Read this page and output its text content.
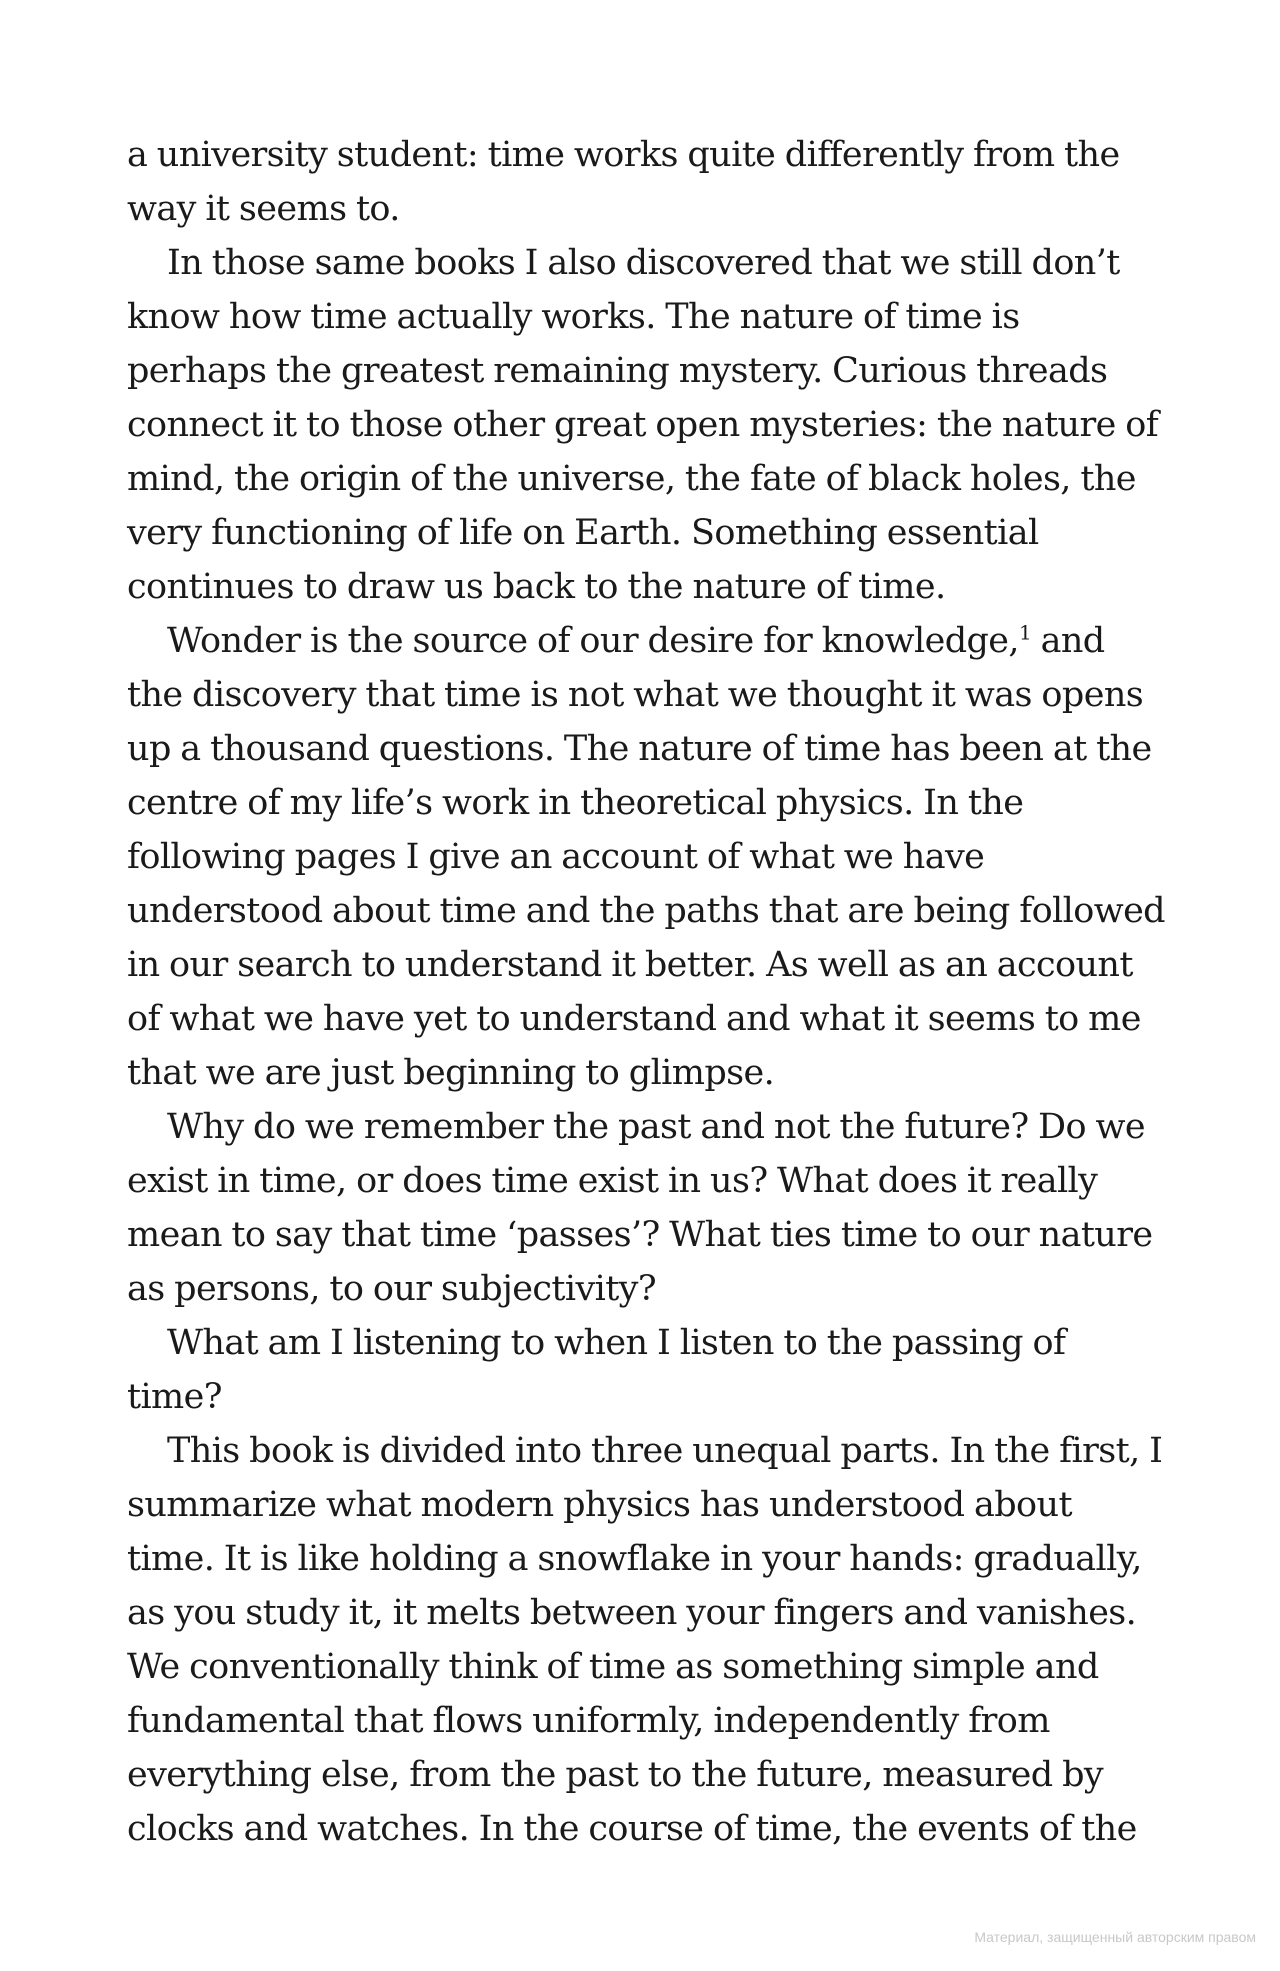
a university student: time works quite differently from the way it seems to.

In those same books I also discovered that we still don’t know how time actually works. The nature of time is perhaps the greatest remaining mystery. Curious threads connect it to those other great open mysteries: the nature of mind, the origin of the universe, the fate of black holes, the very functioning of life on Earth. Something essential continues to draw us back to the nature of time.

Wonder is the source of our desire for knowledge,$^1$ and the discovery that time is not what we thought it was opens up a thousand questions. The nature of time has been at the centre of my life’s work in theoretical physics. In the following pages I give an account of what we have understood about time and the paths that are being followed in our search to understand it better. As well as an account of what we have yet to understand and what it seems to me that we are just beginning to glimpse.

Why do we remember the past and not the future? Do we exist in time, or does time exist in us? What does it really mean to say that time ‘passes’? What ties time to our nature as persons, to our subjectivity?

What am I listening to when I listen to the passing of time?

This book is divided into three unequal parts. In the first, I summarize what modern physics has understood about time. It is like holding a snowflake in your hands: gradually, as you study it, it melts between your fingers and vanishes. We conventionally think of time as something simple and fundamental that flows uniformly, independently from everything else, from the past to the future, measured by clocks and watches. In the course of time, the events of the

Материал, защищенный авторским правом
